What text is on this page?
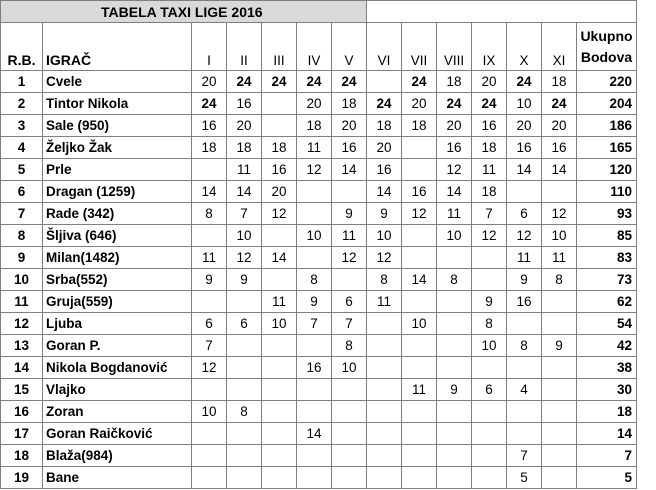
TABELA TAXI LIGE 2016													
R.B.	IGRAČ	I	II	III	IV	V	VI	VII	VIII	IX	X	XI	Ukupno
Bodova

1	Cvele	20	24	24	24	24		24	18	20	24	18	220
2	Tintor Nikola	24	16		20	18	24	20	24	24	10	24	204
3	Sale (950)	16	20		18	20	18	18	20	16	20	20	186
4	Željko Žak	18	18	18	11	16	20		16	18	16	16	165
5	Prle		11	16	12	14	16		12	11	14	14	120
6	Dragan (1259)	14	14	20			14	16	14	18			110
7	Rade (342)	8	7	12		9	9	12	11	7	6	12	93
8	Šljiva (646)		10		10	11	10		10	12	12	10	85
9	Milan(1482)	11	12	14		12	12				11	11	83
10	Srba(552)	9	9		8		8	14	8		9	8	73
11	Gruja(559)			11	9	6	11			9	16		62
12	Ljuba	6	6	10	7	7		10		8			54
13	Goran P.	7				8				10	8	9	42
14	Nikola Bogdanović	12			16	10							38
15	Vlajko							11	9	6	4		30
16	Zoran	10	8										18
17	Goran Raičković				14								14
18	Blaža(984)										7		7
19	Bane										5		5
